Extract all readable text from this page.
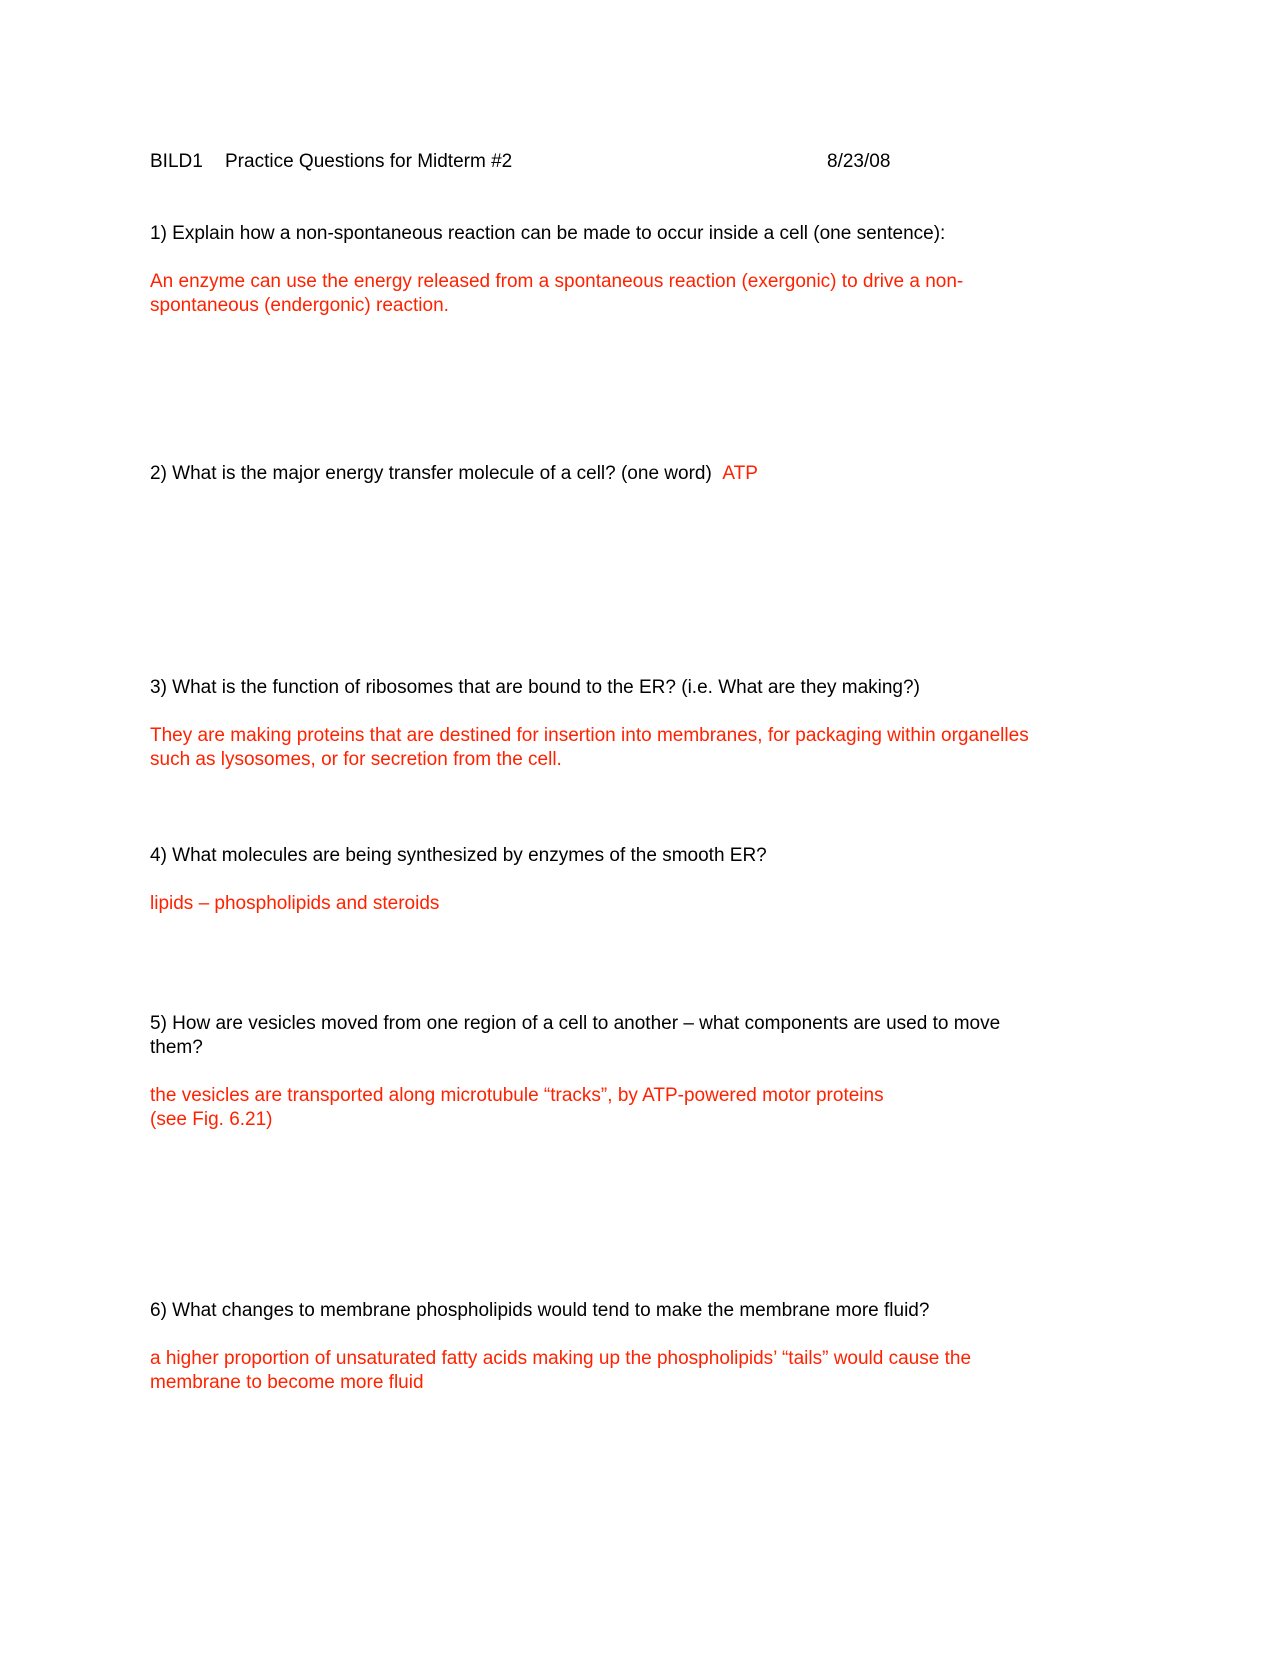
BILD1 Practice Questions for Midterm #2	8/23/08
1) Explain how a non-spontaneous reaction can be made to occur inside a cell (one sentence):
An enzyme can use the energy released from a spontaneous reaction (exergonic) to drive a non-
spontaneous (endergonic) reaction.
2) What is the major energy transfer molecule of a cell? (one word) ATP
3) What is the function of ribosomes that are bound to the ER? (i.e. What are they making?)
They are making proteins that are destined for insertion into membranes, for packaging within organelles
such as lysosomes, or for secretion from the cell.
4) What molecules are being synthesized by enzymes of the smooth ER?
lipids – phospholipids and steroids
5) How are vesicles moved from one region of a cell to another – what components are used to move
them?
the vesicles are transported along microtubule “tracks”, by ATP-powered motor proteins
(see Fig. 6.21)
6) What changes to membrane phospholipids would tend to make the membrane more fluid?
a higher proportion of unsaturated fatty acids making up the phospholipids’ “tails” would cause the
membrane to become more fluid
